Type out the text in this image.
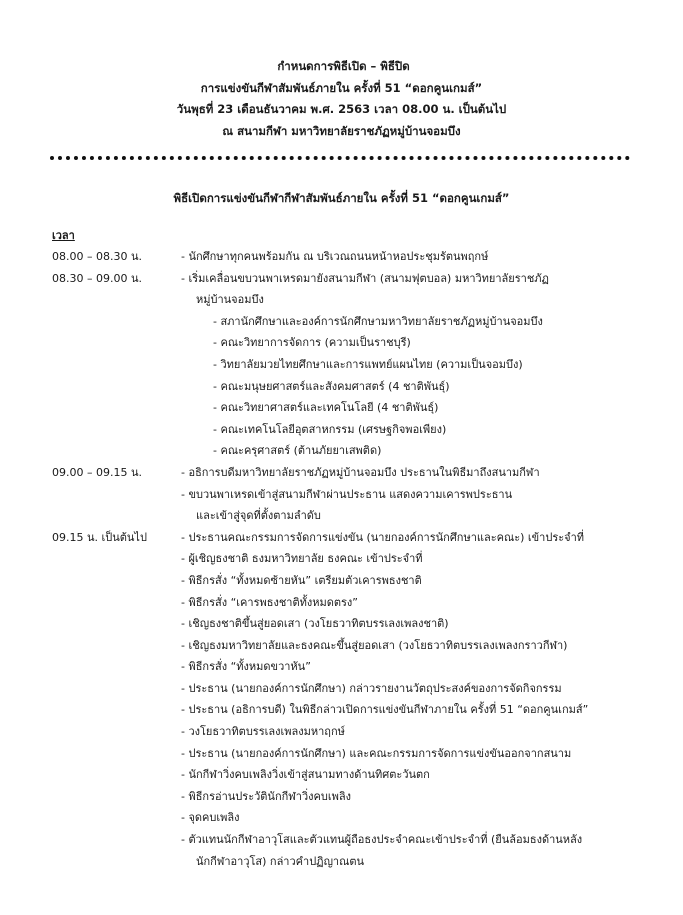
กำหนดการพิธีเปิด – พิธีปิด
การแข่งขันกีฬาสัมพันธ์ภายใน ครั้งที่ 51 “ดอกคูนเกมส์”
วันพุธที่ 23 เดือนธันวาคม พ.ศ. 2563 เวลา 08.00 น. เป็นต้นไป
ณ สนามกีฬา มหาวิทยาลัยราชภัฏหมู่บ้านจอมบึง
พิธีเปิดการแข่งขันกีฬากีฬาสัมพันธ์ภายใน ครั้งที่ 51 “ดอกคูนเกมส์”
เวลา
08.00 – 08.30 น.	- นักศึกษาทุกคนพร้อมกัน ณ บริเวณถนนหน้าหอประชุมรัตนพฤกษ์
08.30 – 09.00 น.	- เริ่มเคลื่อนขบวนพาเหรดมายังสนามกีฬา (สนามฟุตบอล) มหาวิทยาลัยราชภัฏ
หมู่บ้านจอมบึง
- สภานักศึกษาและองค์การนักศึกษามหาวิทยาลัยราชภัฏหมู่บ้านจอมบึง
- คณะวิทยาการจัดการ (ความเป็นราชบุรี)
- วิทยาลัยมวยไทยศึกษาและการแพทย์แผนไทย (ความเป็นจอมบึง)
- คณะมนุษยศาสตร์และสังคมศาสตร์ (4 ชาติพันธุ์)
- คณะวิทยาศาสตร์และเทคโนโลยี (4 ชาติพันธุ์)
- คณะเทคโนโลยีอุตสาหกรรม (เศรษฐกิจพอเพียง)
- คณะครุศาสตร์ (ต้านภัยยาเสพติด)
09.00 – 09.15 น.	- อธิการบดีมหาวิทยาลัยราชภัฏหมู่บ้านจอมบึง ประธานในพิธีมาถึงสนามกีฬา
- ขบวนพาเหรดเข้าสู่สนามกีฬาผ่านประธาน แสดงความเคารพประธาน
และเข้าสู่จุดที่ตั้งตามลำดับ
09.15 น. เป็นต้นไป	- ประธานคณะกรรมการจัดการแข่งขัน (นายกองค์การนักศึกษาและคณะ) เข้าประจำที่
- ผู้เชิญธงชาติ ธงมหาวิทยาลัย ธงคณะ เข้าประจำที่
- พิธีกรสั่ง “ทั้งหมดซ้ายหัน” เตรียมตัวเคารพธงชาติ
- พิธีกรสั่ง “เคารพธงชาติทั้งหมดตรง”
- เชิญธงชาติขึ้นสู่ยอดเสา (วงโยธวาทิตบรรเลงเพลงชาติ)
- เชิญธงมหาวิทยาลัยและธงคณะขึ้นสู่ยอดเสา (วงโยธวาทิตบรรเลงเพลงกราวกีฬา)
- พิธีกรสั่ง “ทั้งหมดขวาหัน”
- ประธาน (นายกองค์การนักศึกษา) กล่าวรายงานวัตถุประสงค์ของการจัดกิจกรรม
- ประธาน (อธิการบดี) ในพิธีกล่าวเปิดการแข่งขันกีฬาภายใน ครั้งที่ 51 “ดอกคูนเกมส์”
- วงโยธวาทิตบรรเลงเพลงมหาฤกษ์
- ประธาน (นายกองค์การนักศึกษา) และคณะกรรมการจัดการแข่งขันออกจากสนาม
- นักกีฬาวิ่งคบเพลิงวิ่งเข้าสู่สนามทางด้านทิศตะวันตก
- พิธีกรอ่านประวัตินักกีฬาวิ่งคบเพลิง
- จุดคบเพลิง
- ตัวแทนนักกีฬาอาวุโสและตัวแทนผู้ถือธงประจำคณะเข้าประจำที่ (ยืนล้อมธงด้านหลัง
นักกีฬาอาวุโส) กล่าวคำปฏิญาณตน
